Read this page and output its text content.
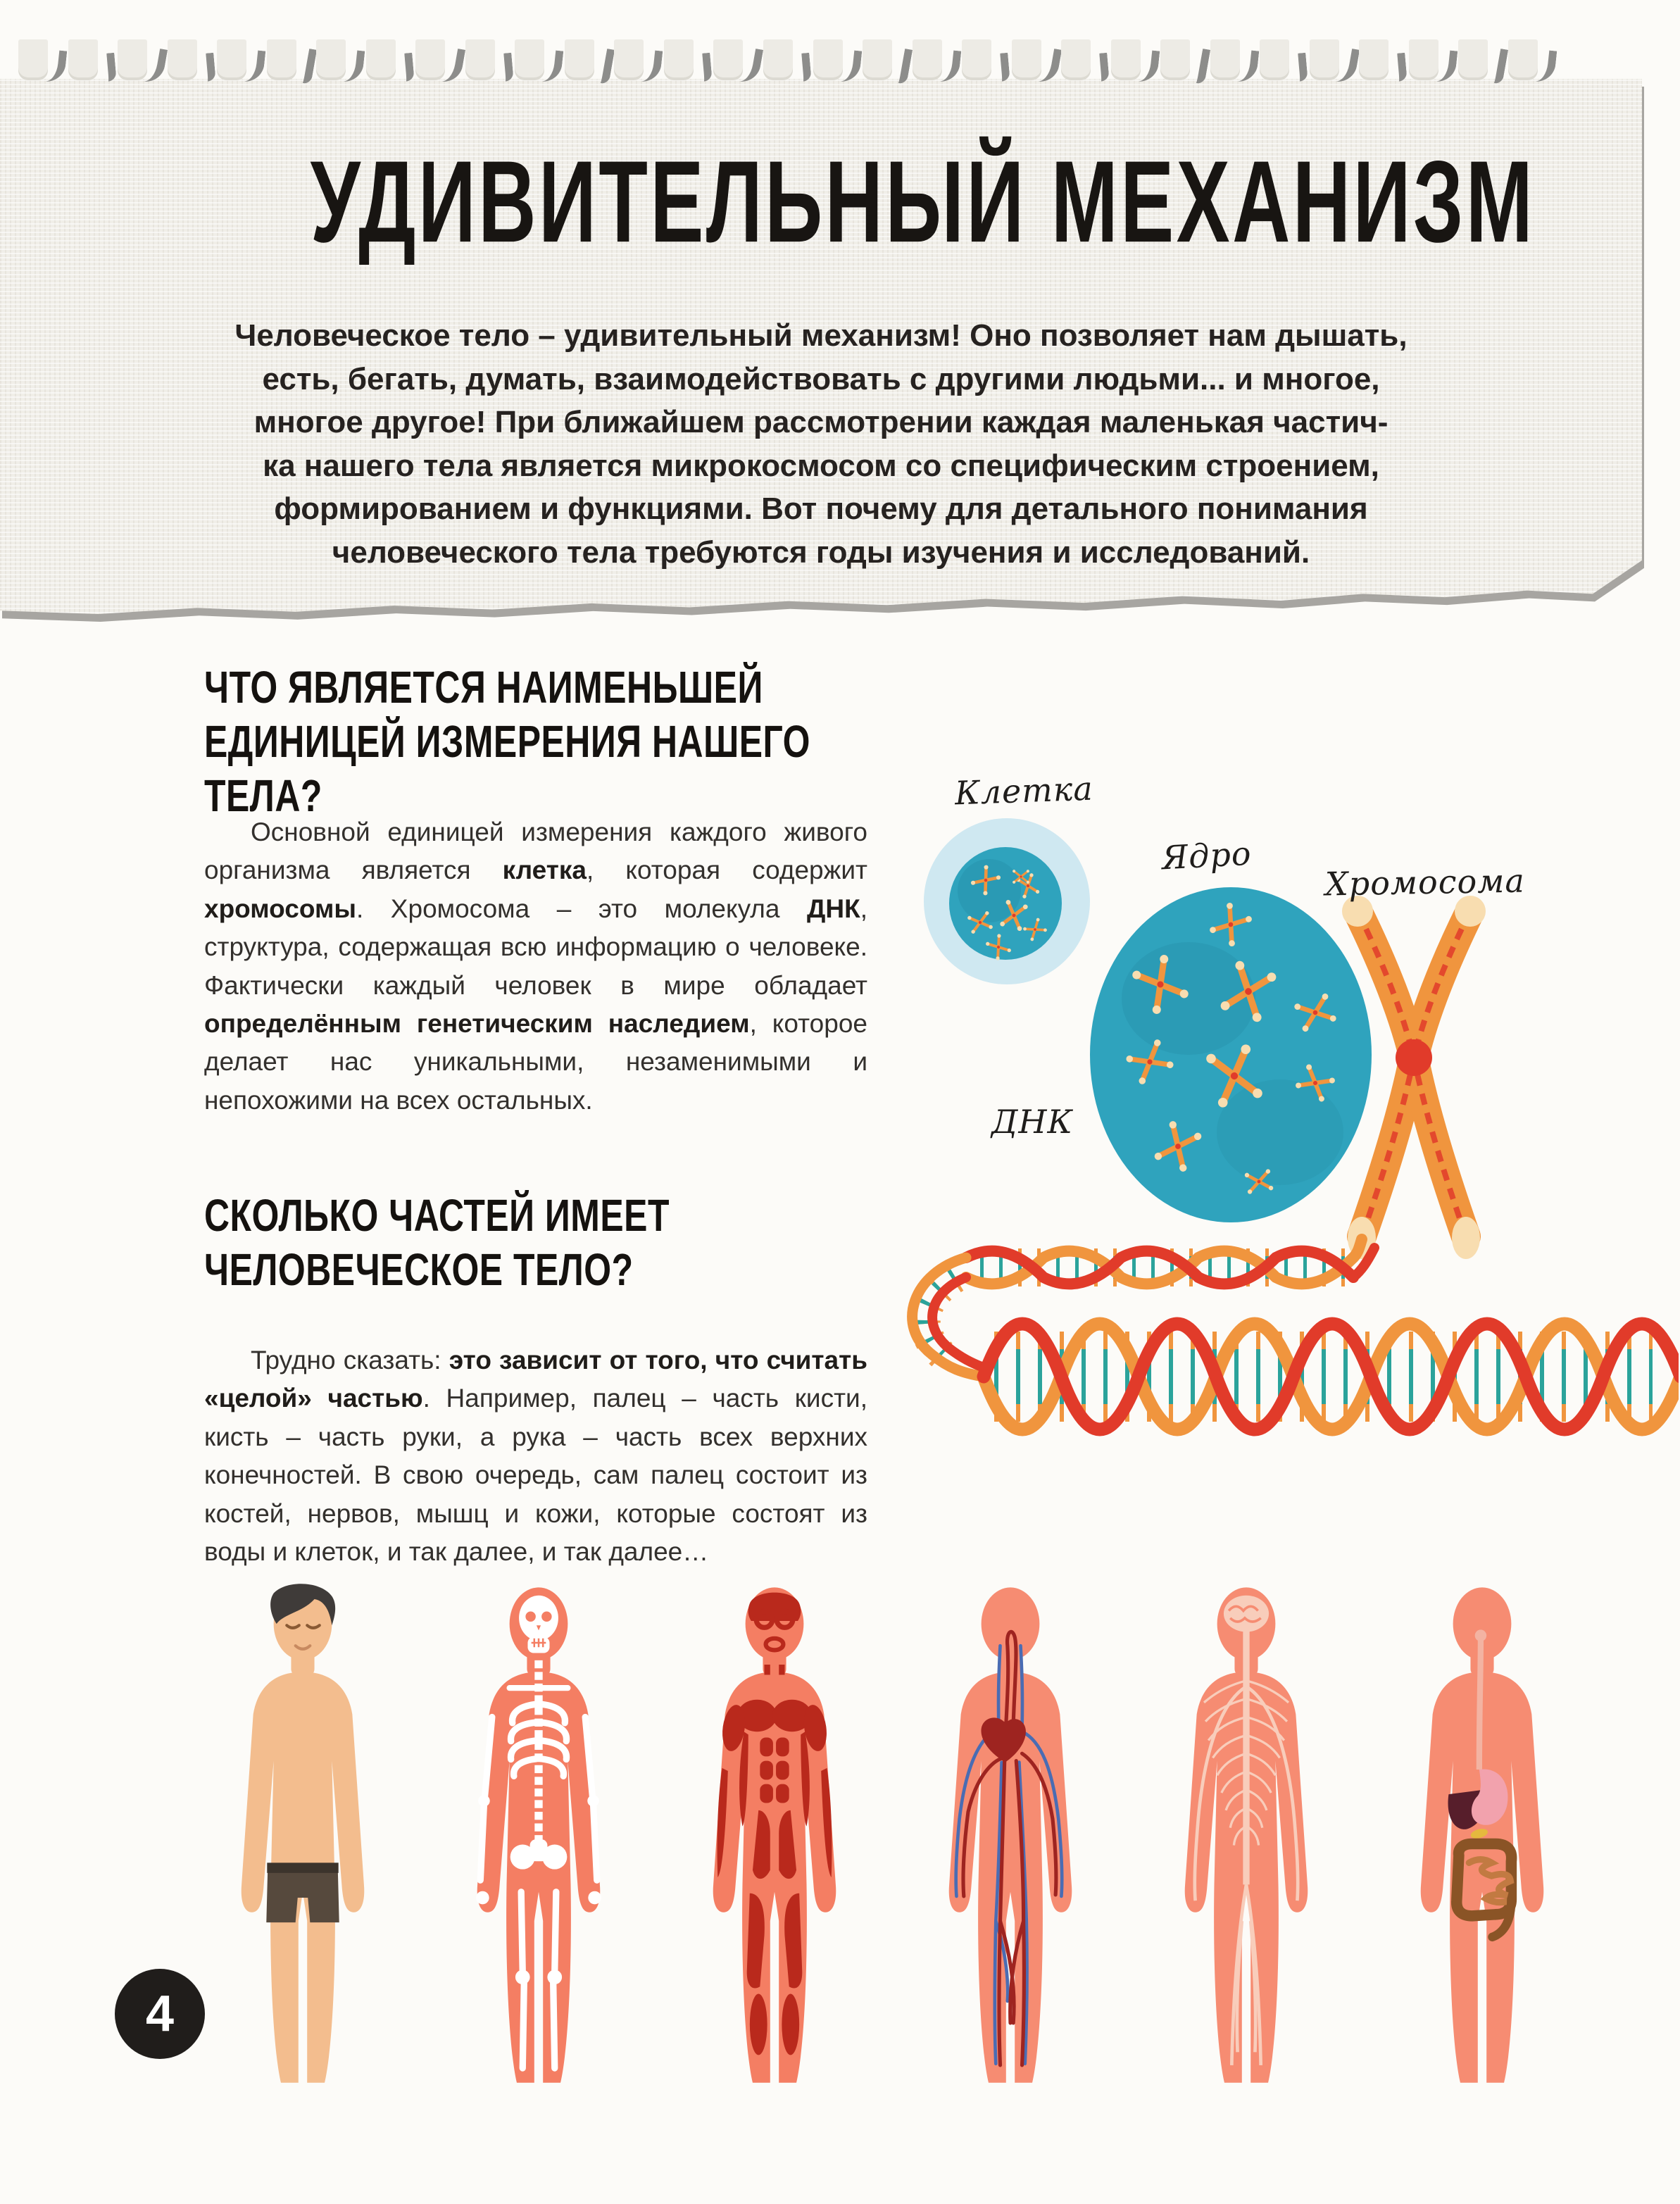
УДИВИТЕЛЬНЫЙ МЕХАНИЗМ
Человеческое тело – удивительный механизм! Оно позволяет нам дышать,
есть, бегать, думать, взаимодействовать с другими людьми... и многое,
многое другое! При ближайшем рассмотрении каждая маленькая частич-
ка нашего тела является микрокосмосом со специфическим строением,
формированием и функциями. Вот почему для детального понимания
человеческого тела требуются годы изучения и исследований.
ЧТО ЯВЛЯЕТСЯ НАИМЕНЬШЕЙ ЕДИНИЦЕЙ ИЗМЕРЕНИЯ НАШЕГО ТЕЛА?

Основной единицей измерения каждого живого организма является клетка, которая содержит хромосомы. Хромосома – это молекула ДНК, структура, содержащая всю информацию о человеке. Фактически каждый человек в мире обладает определённым генетическим наследием, которое делает нас уникальными, незаменимыми и непохожими на всех остальных.

СКОЛЬКО ЧАСТЕЙ ИМЕЕТ ЧЕЛОВЕЧЕСКОЕ ТЕЛО?

Трудно сказать: это зависит от того, что считать «целой» частью. Например, палец – часть кисти, кисть – часть руки, а рука – часть всех верхних конечностей. В свою очередь, сам палец состоит из костей, нервов, мышц и кожи, которые состоят из воды и клеток, и так далее, и так далее…

Клетка
Ядро
Хромосома
ДНК
4
